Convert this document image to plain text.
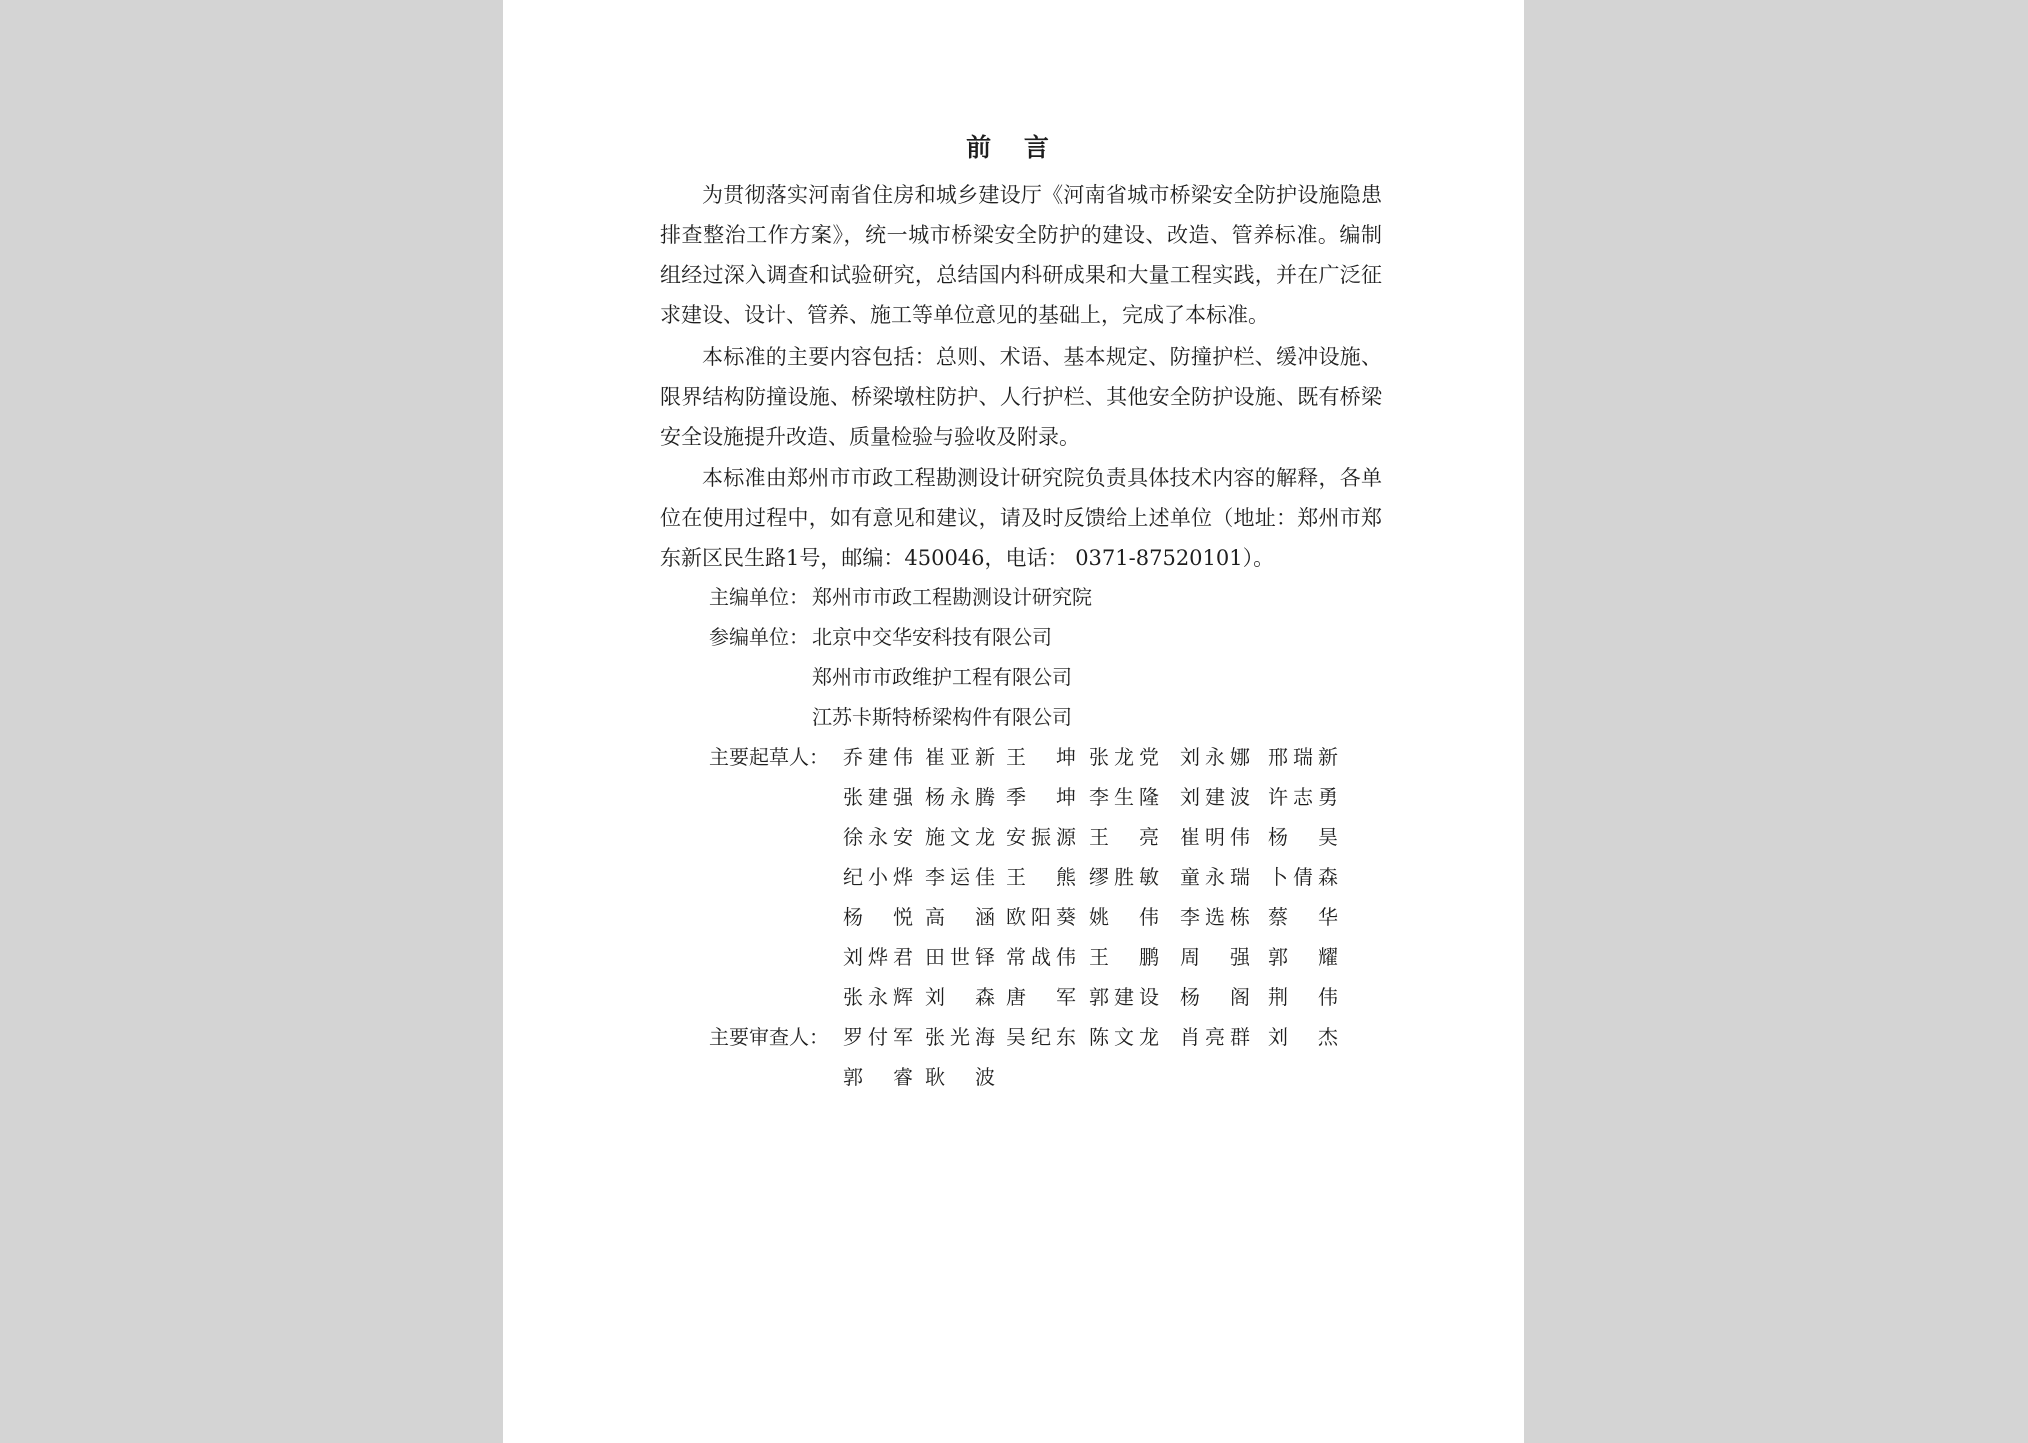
前 言

为贯彻落实河南省住房和城乡建设厅《河南省城市桥梁安全防护设施隐患排查整治工作方案》，统一城市桥梁安全防护的建设、改造、管养标准。编制组经过深入调查和试验研究，总结国内科研成果和大量工程实践，并在广泛征求建设、设计、管养、施工等单位意见的基础上，完成了本标准。

本标准的主要内容包括：总则、术语、基本规定、防撞护栏、缓冲设施、限界结构防撞设施、桥梁墩柱防护、人行护栏、其他安全防护设施、既有桥梁安全设施提升改造、质量检验与验收及附录。

本标准由郑州市市政工程勘测设计研究院负责具体技术内容的解释，各单位在使用过程中，如有意见和建议，请及时反馈给上述单位（地址：郑州市郑东新区民生路1号，邮编：450046，电话： 0371-87520101）。

主编单位： 郑州市市政工程勘测设计研究院
参编单位： 北京中交华安科技有限公司
郑州市市政维护工程有限公司
江苏卡斯特桥梁构件有限公司
主要起草人： 乔建伟 崔亚新 王 坤 张龙党 刘永娜 邢瑞新
张建强 杨永腾 季 坤 李生隆 刘建波 许志勇
徐永安 施文龙 安振源 王 亮 崔明伟 杨 昊
纪小烨 李运佳 王 熊 缪胜敏 童永瑞 卜倩森
杨 悦 高 涵 欧阳葵 姚 伟 李选栋 蔡 华
刘烨君 田世铎 常战伟 王 鹏 周 强 郭 耀
张永辉 刘 森 唐 军 郭建设 杨 阁 荆 伟
主要审查人： 罗付军 张光海 吴纪东 陈文龙 肖亮群 刘 杰
郭 睿 耿 波
